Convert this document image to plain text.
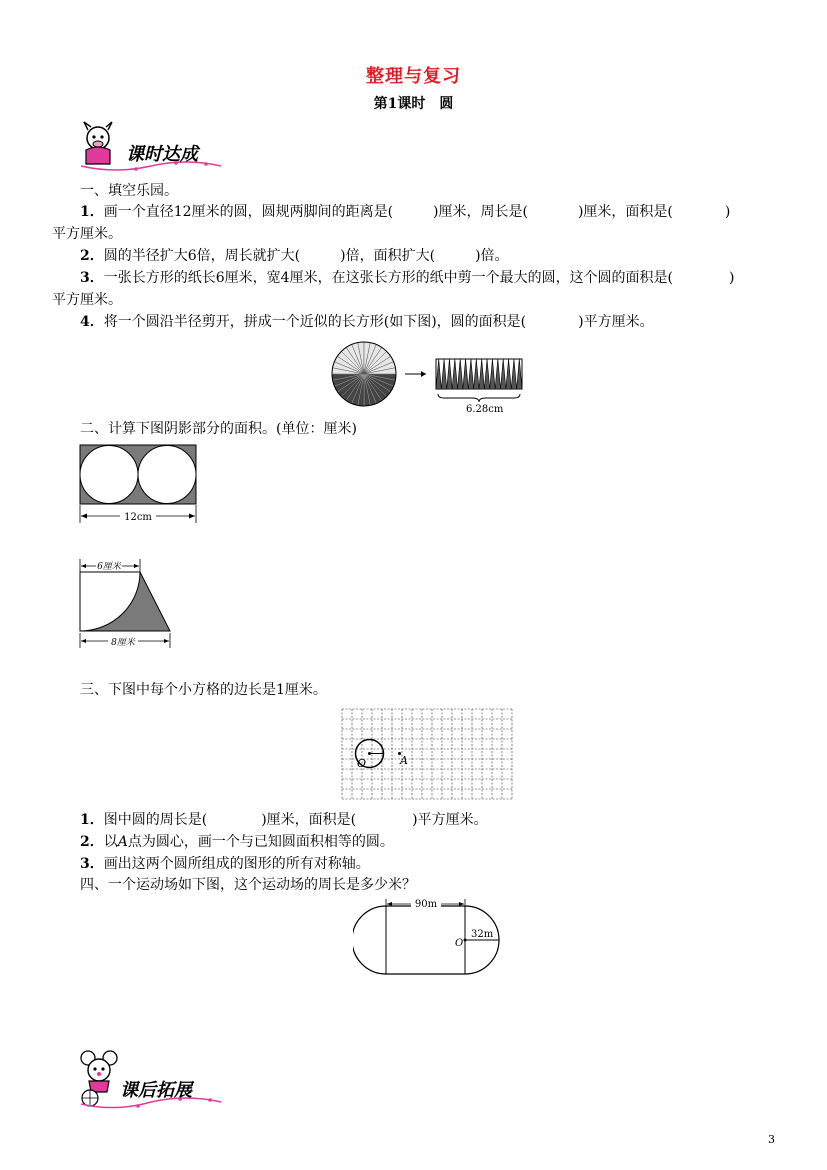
整理与复习
第1课时　圆
课时达成
一、填空乐园。
1．画一个直径12厘米的圆，圆规两脚间的距离是(	)厘米，周长是(	)厘米，面积是(	)
平方厘米。
2．圆的半径扩大6倍，周长就扩大(	)倍，面积扩大(	)倍。
3．一张长方形的纸长6厘米，宽4厘米，在这张长方形的纸中剪一个最大的圆，这个圆的面积是(	)
平方厘米。
4．将一个圆沿半径剪开，拼成一个近似的长方形(如下图)，圆的面积是(	)平方厘米。
6.28cm
二、计算下图阴影部分的面积。(单位：厘米)
12cm
6厘米
8厘米
三、下图中每个小方格的边长是1厘米。
O	A
1．图中圆的周长是(	)厘米，面积是(	)平方厘米。
2．以A点为圆心，画一个与已知圆面积相等的圆。
3．画出这两个圆所组成的图形的所有对称轴。
四、一个运动场如下图，这个运动场的周长是多少米？
90m
32m
O
课后拓展
3
